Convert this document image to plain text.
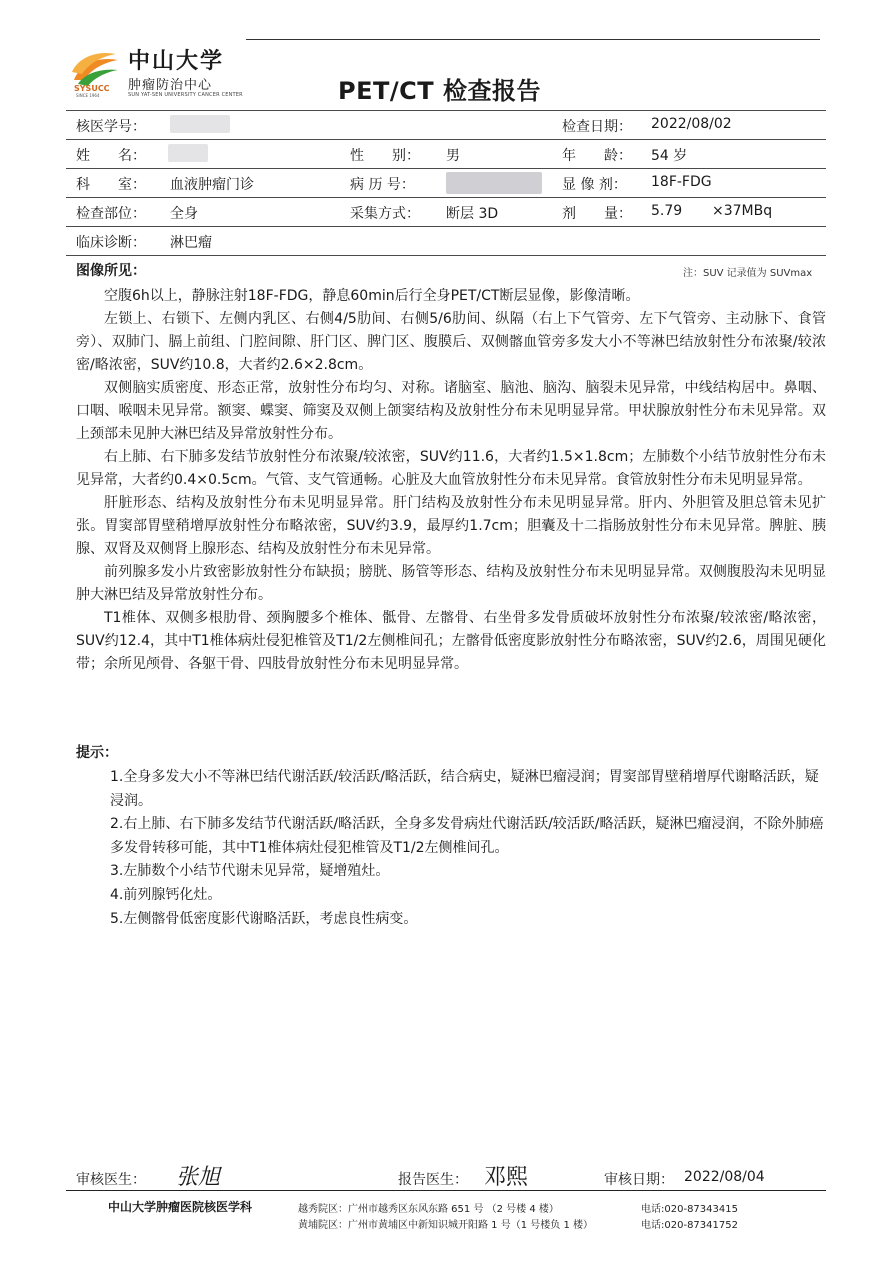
SYSUCC
SINCE 1964
中山大学
肿瘤防治中心
SUN YAT-SEN UNIVERSITY CANCER CENTER	PET/CT 检查报告
核医学号：	检查日期： 2022/08/02
姓　　名：	性　　别： 男	年　　龄： 54 岁
科　　室： 血液肿瘤门诊	病 历 号：	显 像 剂： 18F-FDG
检查部位： 全身	采集方式： 断层 3D	剂　　量： 5.79 ×37MBq
临床诊断： 淋巴瘤
图像所见：	注：SUV 记录值为 SUVmax

空腹6h以上，静脉注射18F-FDG，静息60min后行全身PET/CT断层显像，影像清晰。

左锁上、右锁下、左侧内乳区、右侧4/5肋间、右侧5/6肋间、纵隔（右上下气管旁、左下气管旁、主动脉下、食管旁）、双肺门、膈上前组、门腔间隙、肝门区、脾门区、腹膜后、双侧髂血管旁多发大小不等淋巴结放射性分布浓聚/较浓密/略浓密，SUV约10.8，大者约2.6×2.8cm。

双侧脑实质密度、形态正常，放射性分布均匀、对称。诸脑室、脑池、脑沟、脑裂未见异常，中线结构居中。鼻咽、口咽、喉咽未见异常。额窦、蝶窦、筛窦及双侧上颌窦结构及放射性分布未见明显异常。甲状腺放射性分布未见异常。双上颈部未见肿大淋巴结及异常放射性分布。

右上肺、右下肺多发结节放射性分布浓聚/较浓密，SUV约11.6，大者约1.5×1.8cm；左肺数个小结节放射性分布未见异常，大者约0.4×0.5cm。气管、支气管通畅。心脏及大血管放射性分布未见异常。食管放射性分布未见明显异常。

肝脏形态、结构及放射性分布未见明显异常。肝门结构及放射性分布未见明显异常。肝内、外胆管及胆总管未见扩张。胃窦部胃壁稍增厚放射性分布略浓密，SUV约3.9，最厚约1.7cm；胆囊及十二指肠放射性分布未见异常。脾脏、胰腺、双肾及双侧肾上腺形态、结构及放射性分布未见异常。

前列腺多发小片致密影放射性分布缺损；膀胱、肠管等形态、结构及放射性分布未见明显异常。双侧腹股沟未见明显肿大淋巴结及异常放射性分布。

T1椎体、双侧多根肋骨、颈胸腰多个椎体、骶骨、左髂骨、右坐骨多发骨质破坏放射性分布浓聚/较浓密/略浓密，SUV约12.4，其中T1椎体病灶侵犯椎管及T1/2左侧椎间孔；左髂骨低密度影放射性分布略浓密，SUV约2.6，周围见硬化带；余所见颅骨、各躯干骨、四肢骨放射性分布未见明显异常。

提示：

1.全身多发大小不等淋巴结代谢活跃/较活跃/略活跃，结合病史，疑淋巴瘤浸润；胃窦部胃壁稍增厚代谢略活跃，疑浸润。

2.右上肺、右下肺多发结节代谢活跃/略活跃，全身多发骨病灶代谢活跃/较活跃/略活跃，疑淋巴瘤浸润，不除外肺癌多发骨转移可能，其中T1椎体病灶侵犯椎管及T1/2左侧椎间孔。

3.左肺数个小结节代谢未见异常，疑增殖灶。

4.前列腺钙化灶。

5.左侧髂骨低密度影代谢略活跃，考虑良性病变。

审核医生： 张旭	报告医生： 邓熙	审核日期： 2022/08/04
中山大学肿瘤医院核医学科	越秀院区：广州市越秀区东风东路 651 号 （2 号楼 4 楼）	电话:020-87343415
黄埔院区：广州市黄埔区中新知识城开阳路 1 号（1 号楼负 1 楼）	电话:020-87341752
